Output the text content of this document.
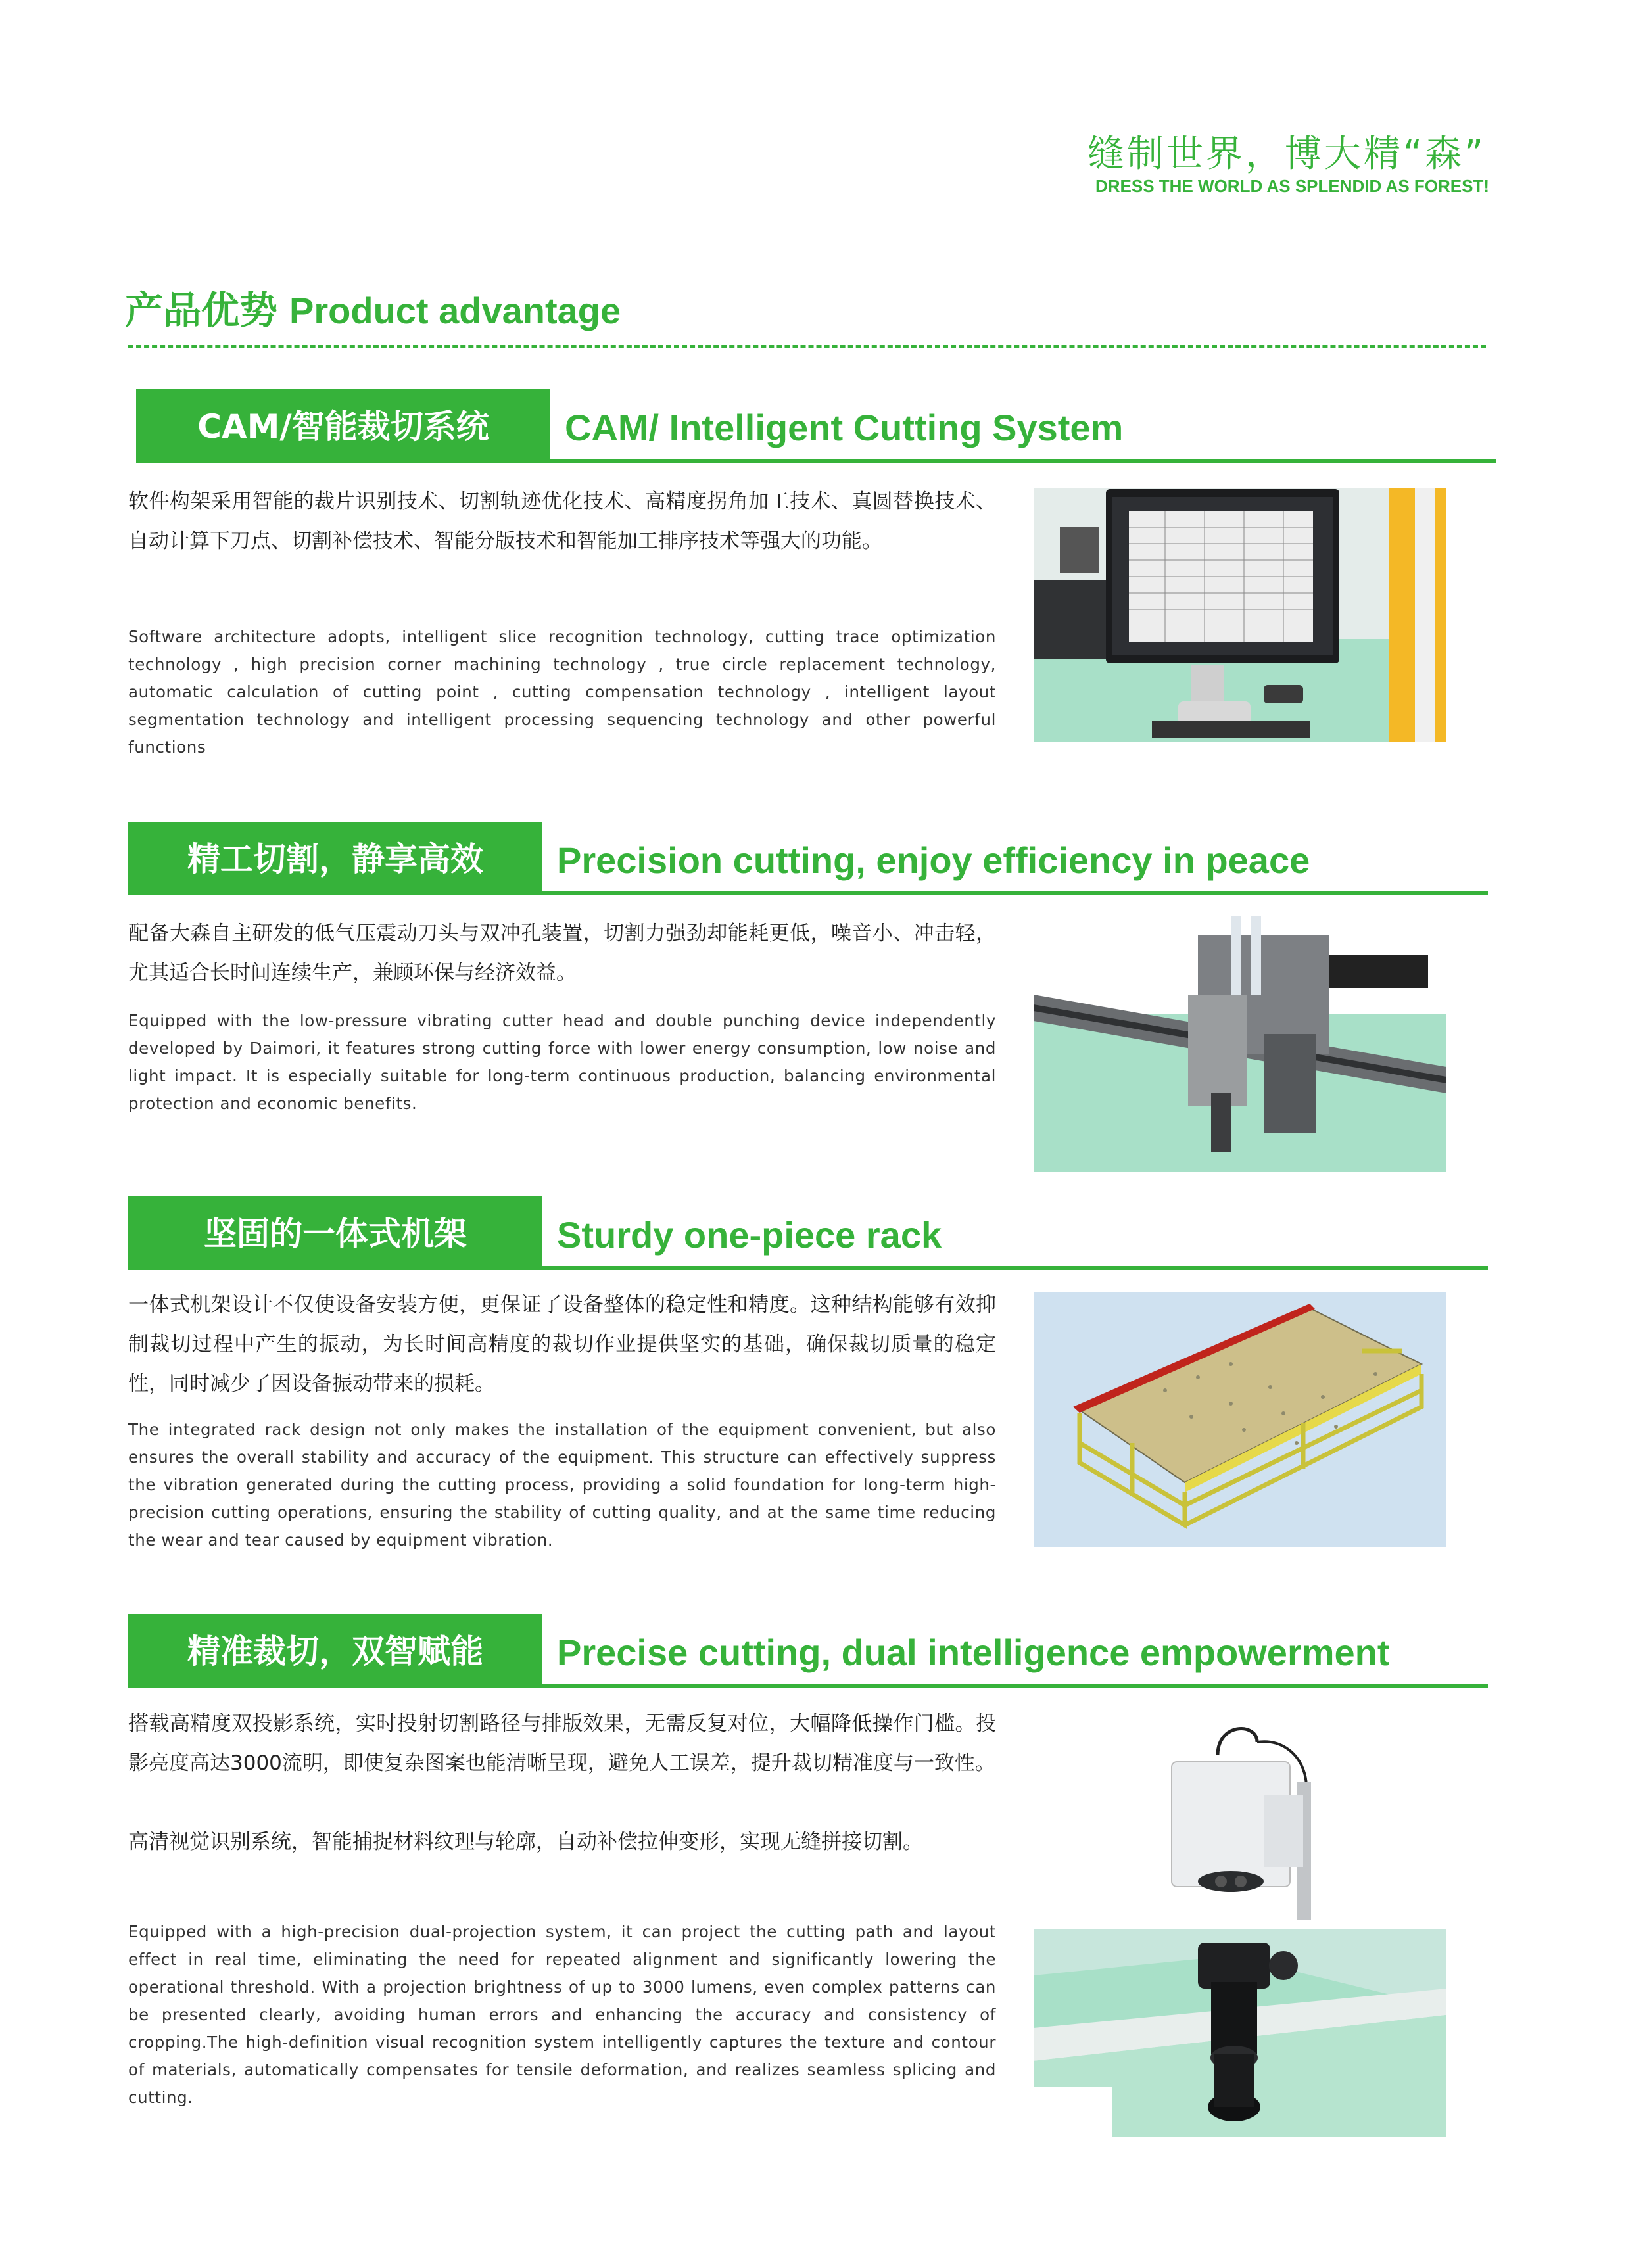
缝制世界，博大精“森”
DRESS THE WORLD AS SPLENDID AS FOREST!
产品优势 Product advantage
CAM/智能裁切系统	CAM/ Intelligent Cutting System
软件构架采用智能的裁片识别技术、切割轨迹优化技术、高精度拐角加工技术、真圆替换技术、自动计算下刀点、切割补偿技术、智能分版技术和智能加工排序技术等强大的功能。
Software architecture adopts, intelligent slice recognition technology, cutting trace optimization technology , high precision corner machining technology , true circle replacement technology, automatic calculation of cutting point , cutting compensation technology , intelligent layout segmentation technology and intelligent processing sequencing technology and other powerful functions
精工切割，静享高效	Precision cutting, enjoy efficiency in peace
配备大森自主研发的低气压震动刀头与双冲孔装置，切割力强劲却能耗更低，噪音小、冲击轻，尤其适合长时间连续生产，兼顾环保与经济效益。
Equipped with the low-pressure vibrating cutter head and double punching device independently developed by Daimori, it features strong cutting force with lower energy consumption, low noise and light impact. It is especially suitable for long-term continuous production, balancing environmental protection and economic benefits.
坚固的一体式机架	Sturdy one-piece rack
一体式机架设计不仅使设备安装方便，更保证了设备整体的稳定性和精度。这种结构能够有效抑制裁切过程中产生的振动，为长时间高精度的裁切作业提供坚实的基础，确保裁切质量的稳定性，同时减少了因设备振动带来的损耗。
The integrated rack design not only makes the installation of the equipment convenient, but also ensures the overall stability and accuracy of the equipment. This structure can effectively suppress the vibration generated during the cutting process, providing a solid foundation for long-term high-precision cutting operations, ensuring the stability of cutting quality, and at the same time reducing the wear and tear caused by equipment vibration.
精准裁切，双智赋能	Precise cutting, dual intelligence empowerment
搭载高精度双投影系统，实时投射切割路径与排版效果，无需反复对位，大幅降低操作门槛。投影亮度高达3000流明，即使复杂图案也能清晰呈现，避免人工误差，提升裁切精准度与一致性。
高清视觉识别系统，智能捕捉材料纹理与轮廓，自动补偿拉伸变形，实现无缝拼接切割。
Equipped with a high-precision dual-projection system, it can project the cutting path and layout effect in real time, eliminating the need for repeated alignment and significantly lowering the operational threshold. With a projection brightness of up to 3000 lumens, even complex patterns can be presented clearly, avoiding human errors and enhancing the accuracy and consistency of cropping.The high-definition visual recognition system intelligently captures the texture and contour of materials, automatically compensates for tensile deformation, and realizes seamless splicing and cutting.
